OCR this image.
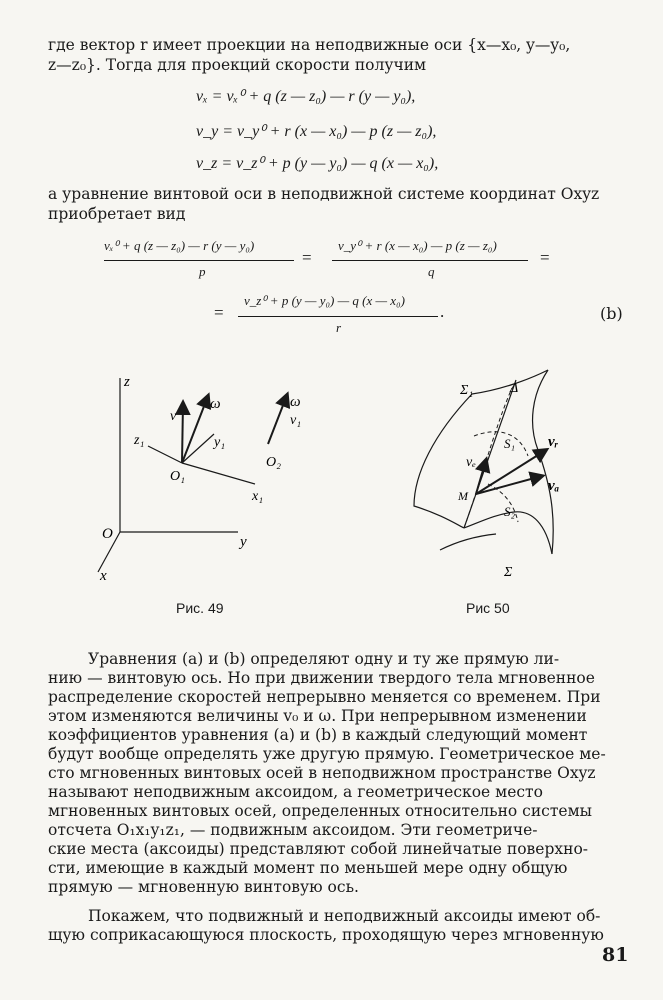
где вектор r имеет проекции на неподвижные оси {x—x₀, y—y₀,
z—z₀}. Тогда для проекций скорости получим
vₓ = vₓ⁰ + q (z — z₀) — r (y — y₀),
v_y = v_y⁰ + r (x — x₀) — p (z — z₀),
v_z = v_z⁰ + p (y — y₀) — q (x — x₀),
а уравнение винтовой оси в неподвижной системе координат Oxyz
приобретает вид
vₓ⁰ + q (z — z₀) — r (y — y₀)
p
=
v_y⁰ + r (x — x₀) — p (z — z₀)
q
=
=
v_z⁰ + p (y — y₀) — q (x — x₀)
r
.	(b)
z
O	y
x
z₁
v
ω
y₁
O₁
x₁
ω
v₁
O₂
Рис. 49
Σ₁	Δ
S₁
vₑ
vᵣ
vₐ
M
S₂
Σ
Рис 50
Уравнения (a) и (b) определяют одну и ту же прямую ли-
нию — винтовую ось. Но при движении твердого тела мгновенное
распределение скоростей непрерывно меняется со временем. При
этом изменяются величины v₀ и ω. При непрерывном изменении
коэффициентов уравнения (a) и (b) в каждый следующий момент
будут вообще определять уже другую прямую. Геометрическое ме-
сто мгновенных винтовых осей в неподвижном пространстве Oxyz
называют неподвижным аксоидом, а геометрическое место
мгновенных винтовых осей, определенных относительно системы
отсчета O₁x₁y₁z₁, — подвижным аксоидом. Эти геометриче-
ские места (аксоиды) представляют собой линейчатые поверхно-
сти, имеющие в каждый момент по меньшей мере одну общую
прямую — мгновенную винтовую ось.
Покажем, что подвижный и неподвижный аксоиды имеют об-
щую соприкасающуюся плоскость, проходящую через мгновенную
81
